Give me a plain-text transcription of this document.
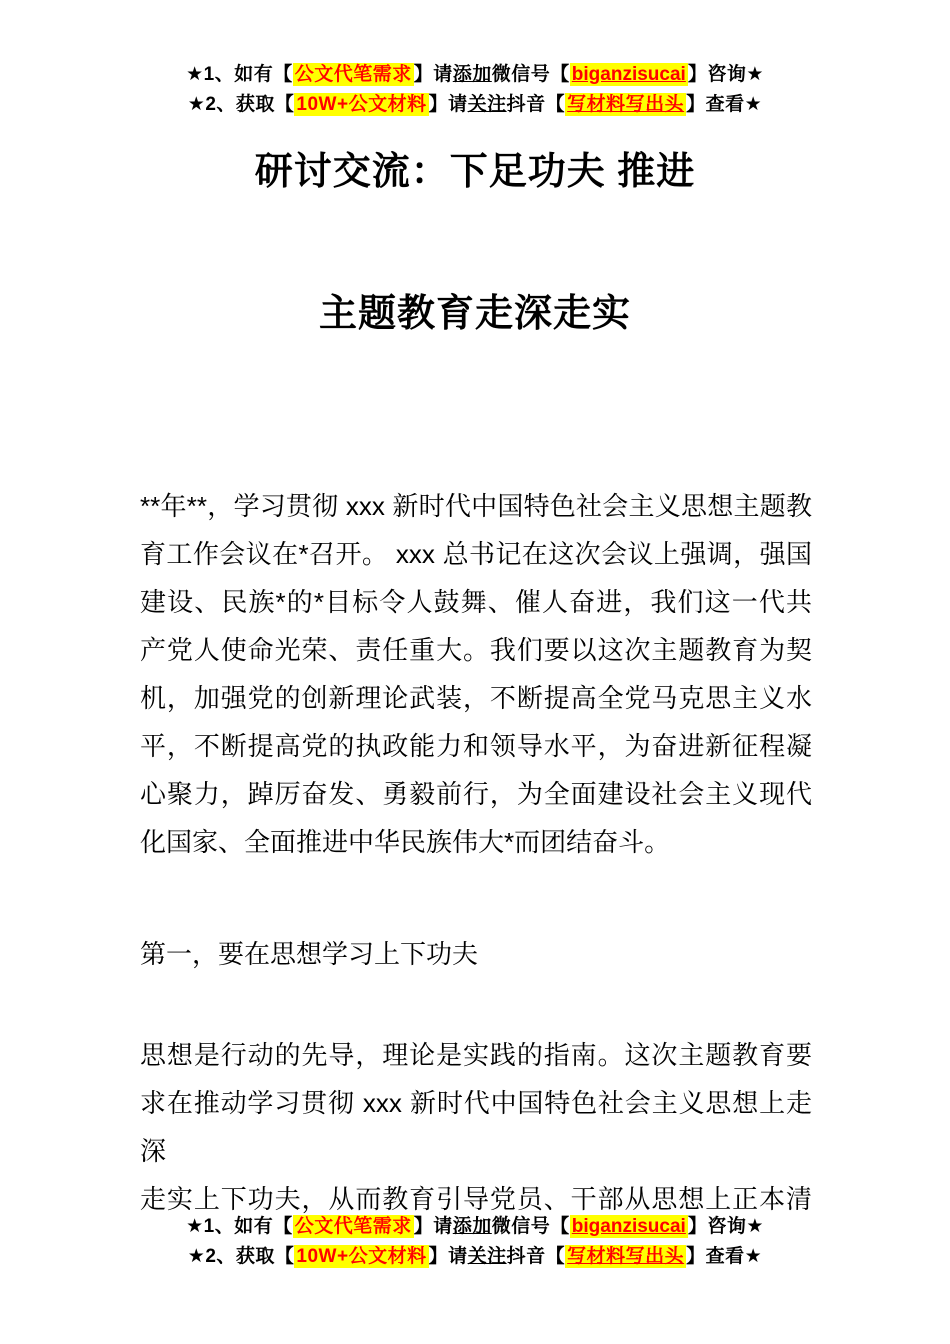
★1、如有【 公文代笔需求 】请添加微信号【 biganzisucai 】咨询★
★2、获取【 10W+公文材料 】请关注抖音【 写材料写出头 】查看★
研讨交流：下足功夫 推进
主题教育走深走实
**年**，学习贯彻 xxx 新时代中国特色社会主义思想主题教
育工作会议在*召开。 xxx 总书记在这次会议上强调，强国
建设、民族*的*目标令人鼓舞、催人奋进，我们这一代共
产党人使命光荣、责任重大。我们要以这次主题教育为契
机，加强党的创新理论武装，不断提高全党马克思主义水
平，不断提高党的执政能力和领导水平，为奋进新征程凝
心聚力，踔厉奋发、勇毅前行，为全面建设社会主义现代
化国家、全面推进中华民族伟大*而团结奋斗。
第一，要在思想学习上下功夫
思想是行动的先导，理论是实践的指南。这次主题教育要
求在推动学习贯彻 xxx 新时代中国特色社会主义思想上走深
走实上下功夫，从而教育引导党员、干部从思想上正本清
★1、如有【 公文代笔需求 】请添加微信号【 biganzisucai 】咨询★
★2、获取【 10W+公文材料 】请关注抖音【 写材料写出头 】查看★
